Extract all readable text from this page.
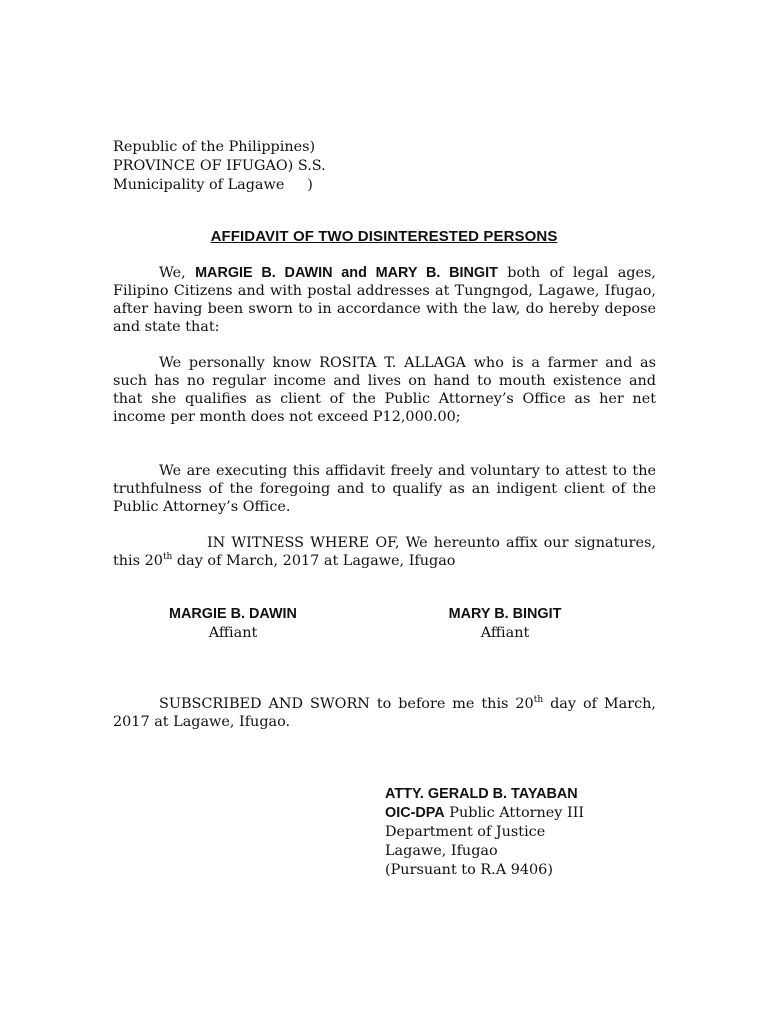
Republic of the Philippines)
PROVINCE OF IFUGAO) S.S.
Municipality of Lagawe     )
AFFIDAVIT OF TWO DISINTERESTED PERSONS

We, MARGIE B. DAWIN and MARY B. BINGIT both of legal ages, Filipino Citizens and with postal addresses at Tungngod, Lagawe, Ifugao, after having been sworn to in accordance with the law, do hereby depose and state that:

We personally know ROSITA T. ALLAGA who is a farmer and as such has no regular income and lives on hand to mouth existence and that she qualifies as client of the Public Attorney’s Office as her net income per month does not exceed P12,000.00;

We are executing this affidavit freely and voluntary to attest to the truthfulness of the foregoing and to qualify as an indigent client of the Public Attorney’s Office.

IN WITNESS WHERE OF, We hereunto affix our signatures, this 20th day of March, 2017 at Lagawe, Ifugao

MARGIE B. DAWIN
Affiant
MARY B. BINGIT
Affiant

SUBSCRIBED AND SWORN to before me this 20th day of March, 2017 at Lagawe, Ifugao.

ATTY. GERALD B. TAYABAN
OIC-DPA Public Attorney III
Department of Justice
Lagawe, Ifugao
(Pursuant to R.A 9406)
